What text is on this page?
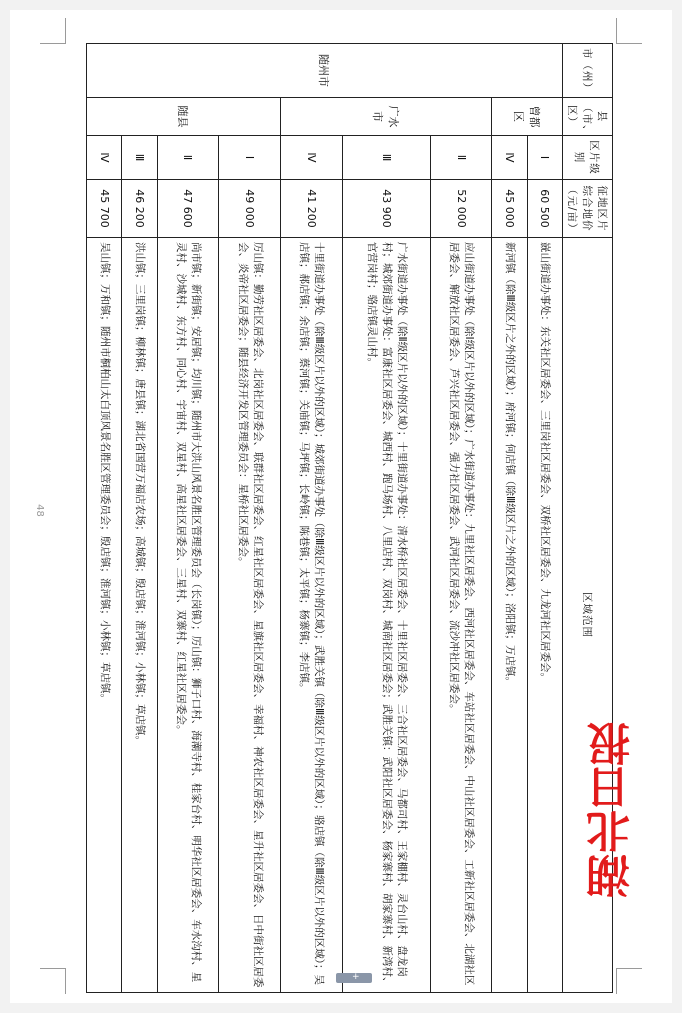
48
市（州）	县（市、区）	区片级别	征地区片综合地价（元/亩）	区域范围
随州市	曾都区	Ⅰ	60 500	㠇山街道办事处：东关社区居委会、三里岗社区居委会、双桥社区居委会、九龙河社区居委会。
		Ⅳ	45 000	新河镇（除Ⅲ级区片之外的区域）；府河镇；何店镇（除Ⅲ级区片之外的区域）；洛阳镇；万店镇。
	广水市	Ⅱ	52 000	应山街道办事处（除Ⅰ级区片以外的区域）；广水街道办事处：九里社区居委会、西河社区居委会、车站社区居委会、中山社区居委会、工新社区居委会、北湖社区居委会、解放社区居委会、芦兴社区居委会、强力社区居委会、武河社区居委会、流沙冲社区居委会。
		Ⅲ	43 900	广水街道办事处（除Ⅱ级区片以外的区域）；十里街道办事处：清水桥社区居委会、十里社区居委会、三合社区居委会、马都司村、王家棚村、灵台山村、盘龙岗村；城郊街道办事处：富康社区居委会、城西村、跑马场村、八里店村、双岗村、城南社区居委会；武胜关镇：武阳社区居委会、杨家寨村、胡家寨村、新湾村、官营岗村；骆店镇灵山村。
		Ⅳ	41 200	十里街道办事处（除Ⅲ级区片以外的区域）；城郊街道办事处（除Ⅲ级区片以外的区域）；武胜关镇（除Ⅲ级区片以外的区域）；骆店镇（除Ⅲ级区片以外的区域）；吴店镇；郝店镇；余店镇；蔡河镇；关庙镇；马坪镇；长岭镇；陈巷镇；太平镇；杨寨镇；李店镇。
	随县	Ⅰ	49 000	厉山镇：勤劳社区居委会、北岗社区居委会、联群社区居委会、红星社区居委会、星旗社区居委会、幸福村、神农社区居委会、星升社区居委会、日中街社区居委会、炎帝社区居委会；随县经济开发区管理委员会：星桥社区居委会。
		Ⅱ	47 600	尚市镇；新街镇；安居镇；均川镇；随州市大洪山风景名胜区管理委员会（长岗镇）；厉山镇：狮子口村、海潮寺村、桂家台村、明华社区居委会、车水沟村、星灵村、沙城村、东方村、同心村、宇宙村、双星村、高星社区居委会、三星村、双寨村、红星社区居委会。
		Ⅲ	46 200	洪山镇；三里岗镇；柳林镇；唐县镇；湖北省国营万福店农场；高城镇；殷店镇；淮河镇；小林镇；草店镇。
		Ⅳ	45 700	吴山镇；万和镇；随州市桐柏山太白顶风景名胜区管理委员会；殷店镇；淮河镇；小林镇；草店镇。
湖北日报
+
